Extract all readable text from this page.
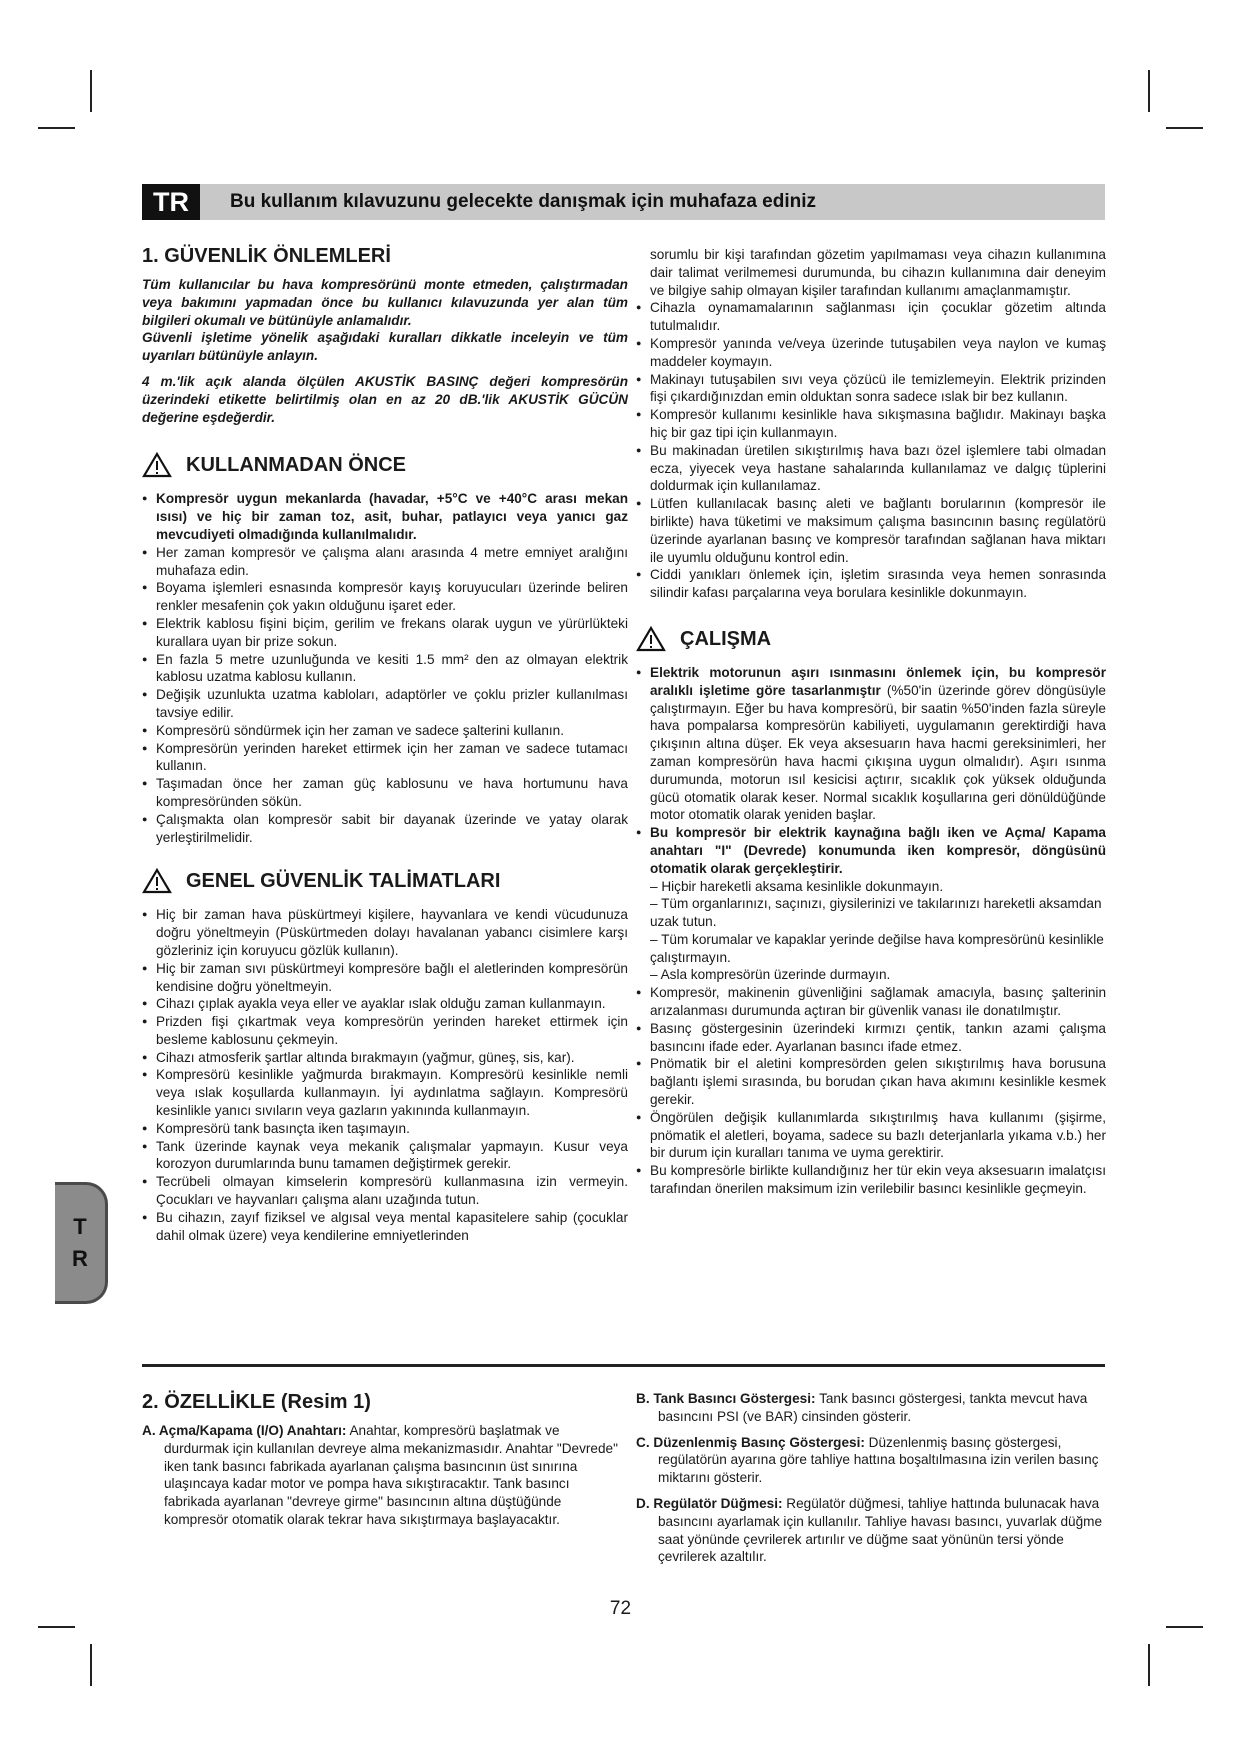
TR	Bu kullanım kılavuzunu gelecekte danışmak için muhafaza ediniz
T
R
1. GÜVENLİK ÖNLEMLERİ

Tüm kullanıcılar bu hava kompresörünü monte etmeden, çalıştırmadan veya bakımını yapmadan önce bu kullanıcı kılavuzunda yer alan tüm bilgileri okumalı ve bütünüyle anlamalıdır.

Güvenli işletime yönelik aşağıdaki kuralları dikkatle inceleyin ve tüm uyarıları bütünüyle anlayın.

4 m.'lik açık alanda ölçülen AKUSTİK BASINÇ değeri kompresörün üzerindeki etikette belirtilmiş olan en az 20 dB.'lik AKUSTİK GÜCÜN değerine eşdeğerdir.

KULLANMADAN ÖNCE
● Kompresör uygun mekanlarda (havadar, +5°C ve +40°C arası mekan ısısı) ve hiç bir zaman toz, asit, buhar, patlayıcı veya yanıcı gaz mevcudiyeti olmadığında kullanılmalıdır.
● Her zaman kompresör ve çalışma alanı arasında 4 metre emniyet aralığını muhafaza edin.
● Boyama işlemleri esnasında kompresör kayış koruyucuları üzerinde beliren renkler mesafenin çok yakın olduğunu işaret eder.
● Elektrik kablosu fişini biçim, gerilim ve frekans olarak uygun ve yürürlükteki kurallara uyan bir prize sokun.
● En fazla 5 metre uzunluğunda ve kesiti 1.5 mm² den az olmayan elektrik kablosu uzatma kablosu kullanın.
● Değişik uzunlukta uzatma kabloları, adaptörler ve çoklu prizler kullanılması tavsiye edilir.
● Kompresörü söndürmek için her zaman ve sadece şalterini kullanın.
● Kompresörün yerinden hareket ettirmek için her zaman ve sadece tutamacı kullanın.
● Taşımadan önce her zaman güç kablosunu ve hava hortumunu hava kompresöründen sökün.
● Çalışmakta olan kompresör sabit bir dayanak üzerinde ve yatay olarak yerleştirilmelidir.
GENEL GÜVENLİK TALİMATLARI
● Hiç bir zaman hava püskürtmeyi kişilere, hayvanlara ve kendi vücudunuza doğru yöneltmeyin (Püskürtmeden dolayı havalanan yabancı cisimlere karşı gözleriniz için koruyucu gözlük kullanın).
● Hiç bir zaman sıvı püskürtmeyi kompresöre bağlı el aletlerinden kompresörün kendisine doğru yöneltmeyin.
● Cihazı çıplak ayakla veya eller ve ayaklar ıslak olduğu zaman kullanmayın.
● Prizden fişi çıkartmak veya kompresörün yerinden hareket ettirmek için besleme kablosunu çekmeyin.
● Cihazı atmosferik şartlar altında bırakmayın (yağmur, güneş, sis, kar).
● Kompresörü kesinlikle yağmurda bırakmayın. Kompresörü kesinlikle nemli veya ıslak koşullarda kullanmayın. İyi aydınlatma sağlayın. Kompresörü kesinlikle yanıcı sıvıların veya gazların yakınında kullanmayın.
● Kompresörü tank basınçta iken taşımayın.
● Tank üzerinde kaynak veya mekanik çalışmalar yapmayın. Kusur veya korozyon durumlarında bunu tamamen değiştirmek gerekir.
● Tecrübeli olmayan kimselerin kompresörü kullanmasına izin vermeyin. Çocukları ve hayvanları çalışma alanı uzağında tutun.
● Bu cihazın, zayıf fiziksel ve algısal veya mental kapasitelere sahip (çocuklar dahil olmak üzere) veya kendilerine emniyetlerinden

sorumlu bir kişi tarafından gözetim yapılmaması veya cihazın kullanımına dair talimat verilmemesi durumunda, bu cihazın kullanımına dair deneyim ve bilgiye sahip olmayan kişiler tarafından kullanımı amaçlanmamıştır.

● Cihazla oynamamalarının sağlanması için çocuklar gözetim altında tutulmalıdır.
● Kompresör yanında ve/veya üzerinde tutuşabilen veya naylon ve kumaş maddeler koymayın.
● Makinayı tutuşabilen sıvı veya çözücü ile temizlemeyin. Elektrik prizinden fişi çıkardığınızdan emin olduktan sonra sadece ıslak bir bez kullanın.
● Kompresör kullanımı kesinlikle hava sıkışmasına bağlıdır. Makinayı başka hiç bir gaz tipi için kullanmayın.
● Bu makinadan üretilen sıkıştırılmış hava bazı özel işlemlere tabi olmadan ecza, yiyecek veya hastane sahalarında kullanılamaz ve dalgıç tüplerini doldurmak için kullanılamaz.
● Lütfen kullanılacak basınç aleti ve bağlantı borularının (kompresör ile birlikte) hava tüketimi ve maksimum çalışma basıncının basınç regülatörü üzerinde ayarlanan basınç ve kompresör tarafından sağlanan hava miktarı ile uyumlu olduğunu kontrol edin.
● Ciddi yanıkları önlemek için, işletim sırasında veya hemen sonrasında silindir kafası parçalarına veya borulara kesinlikle dokunmayın.
ÇALIŞMA
● Elektrik motorunun aşırı ısınmasını önlemek için, bu kompresör aralıklı işletime göre tasarlanmıştır (%50'in üzerinde görev döngüsüyle çalıştırmayın. Eğer bu hava kompresörü, bir saatin %50'inden fazla süreyle hava pompalarsa kompresörün kabiliyeti, uygulamanın gerektirdiği hava çıkışının altına düşer. Ek veya aksesuarın hava hacmi gereksinimleri, her zaman kompresörün hava hacmi çıkışına uygun olmalıdır). Aşırı ısınma durumunda, motorun ısıl kesicisi açtırır, sıcaklık çok yüksek olduğunda gücü otomatik olarak keser. Normal sıcaklık koşullarına geri dönüldüğünde motor otomatik olarak yeniden başlar.
● Bu kompresör bir elektrik kaynağına bağlı iken ve Açma/ Kapama anahtarı "I" (Devrede) konumunda iken kompresör, döngüsünü otomatik olarak gerçekleştirir.

– Hiçbir hareketli aksama kesinlikle dokunmayın.

– Tüm organlarınızı, saçınızı, giysilerinizi ve takılarınızı hareketli aksamdan uzak tutun.

– Tüm korumalar ve kapaklar yerinde değilse hava kompresörünü kesinlikle çalıştırmayın.

– Asla kompresörün üzerinde durmayın.

● Kompresör, makinenin güvenliğini sağlamak amacıyla, basınç şalterinin arızalanması durumunda açtıran bir güvenlik vanası ile donatılmıştır.
● Basınç göstergesinin üzerindeki kırmızı çentik, tankın azami çalışma basıncını ifade eder. Ayarlanan basıncı ifade etmez.
● Pnömatik bir el aletini kompresörden gelen sıkıştırılmış hava borusuna bağlantı işlemi sırasında, bu borudan çıkan hava akımını kesinlikle kesmek gerekir.
● Öngörülen değişik kullanımlarda sıkıştırılmış hava kullanımı (şişirme, pnömatik el aletleri, boyama, sadece su bazlı deterjanlarla yıkama v.b.) her bir durum için kuralları tanıma ve uyma gerektirir.
● Bu kompresörle birlikte kullandığınız her tür ekin veya aksesuarın imalatçısı tarafından önerilen maksimum izin verilebilir basıncı kesinlikle geçmeyin.
2. ÖZELLİKLE (Resim 1)

A. Açma/Kapama (I/O) Anahtarı: Anahtar, kompresörü başlatmak ve durdurmak için kullanılan devreye alma mekanizmasıdır. Anahtar "Devrede" iken tank basıncı fabrikada ayarlanan çalışma basıncının üst sınırına ulaşıncaya kadar motor ve pompa hava sıkıştıracaktır. Tank basıncı fabrikada ayarlanan "devreye girme" basıncının altına düştüğünde kompresör otomatik olarak tekrar hava sıkıştırmaya başlayacaktır.

B. Tank Basıncı Göstergesi: Tank basıncı göstergesi, tankta mevcut hava basıncını PSI (ve BAR) cinsinden gösterir.

C. Düzenlenmiş Basınç Göstergesi: Düzenlenmiş basınç göstergesi, regülatörün ayarına göre tahliye hattına boşaltılmasına izin verilen basınç miktarını gösterir.

D. Regülatör Düğmesi: Regülatör düğmesi, tahliye hattında bulunacak hava basıncını ayarlamak için kullanılır. Tahliye havası basıncı, yuvarlak düğme saat yönünde çevrilerek artırılır ve düğme saat yönünün tersi yönde çevrilerek azaltılır.

72
